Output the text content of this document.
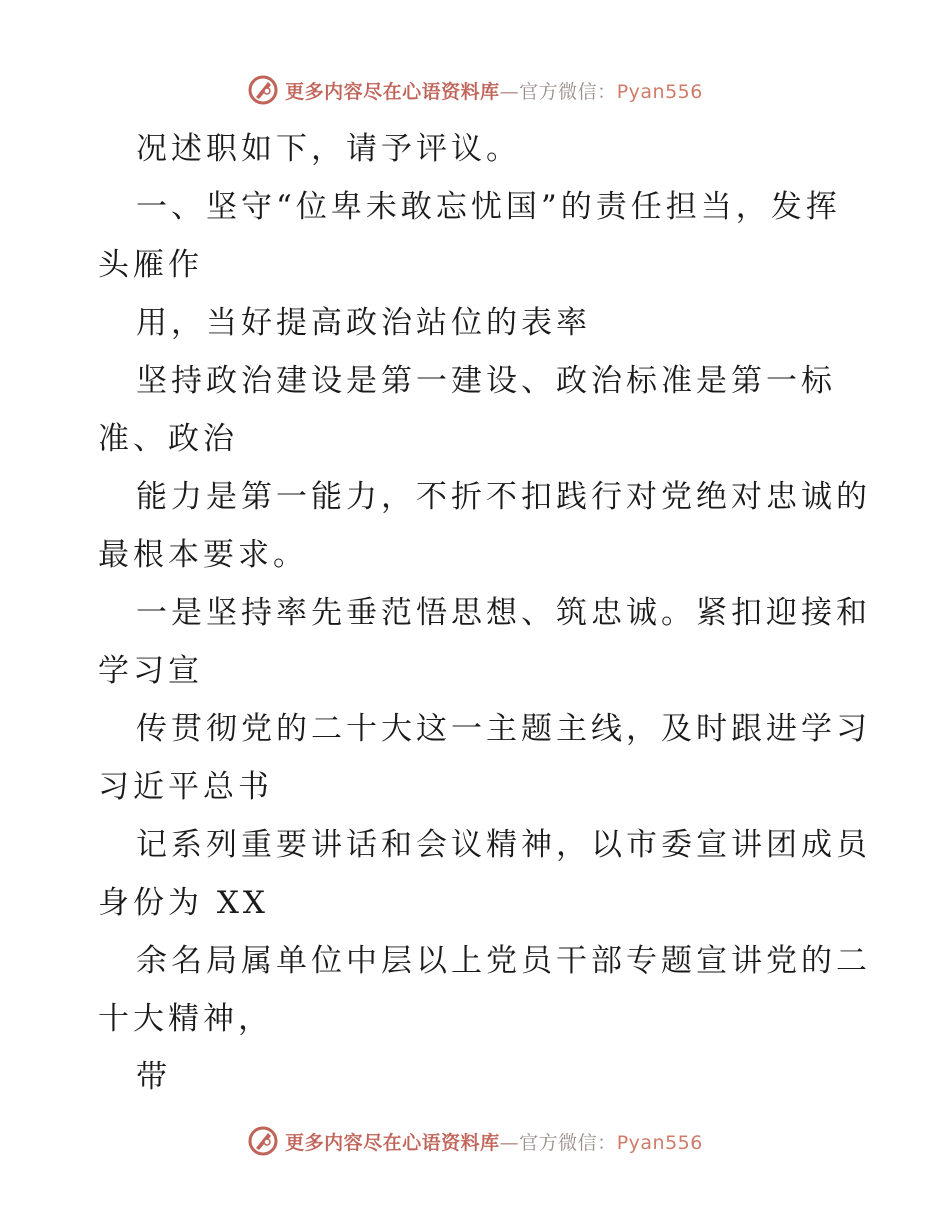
更多内容尽在心语资料库—官方微信：Pyan556
况述职如下，请予评议。
一、坚守“位卑未敢忘忧国”的责任担当，发挥
头雁作
用，当好提高政治站位的表率
坚持政治建设是第一建设、政治标准是第一标
准、政治
能力是第一能力，不折不扣践行对党绝对忠诚的
最根本要求。
一是坚持率先垂范悟思想、筑忠诚。紧扣迎接和
学习宣
传贯彻党的二十大这一主题主线，及时跟进学习
习近平总书
记系列重要讲话和会议精神，以市委宣讲团成员
身份为 XX
余名局属单位中层以上党员干部专题宣讲党的二
十大精神，
带
更多内容尽在心语资料库—官方微信：Pyan556
